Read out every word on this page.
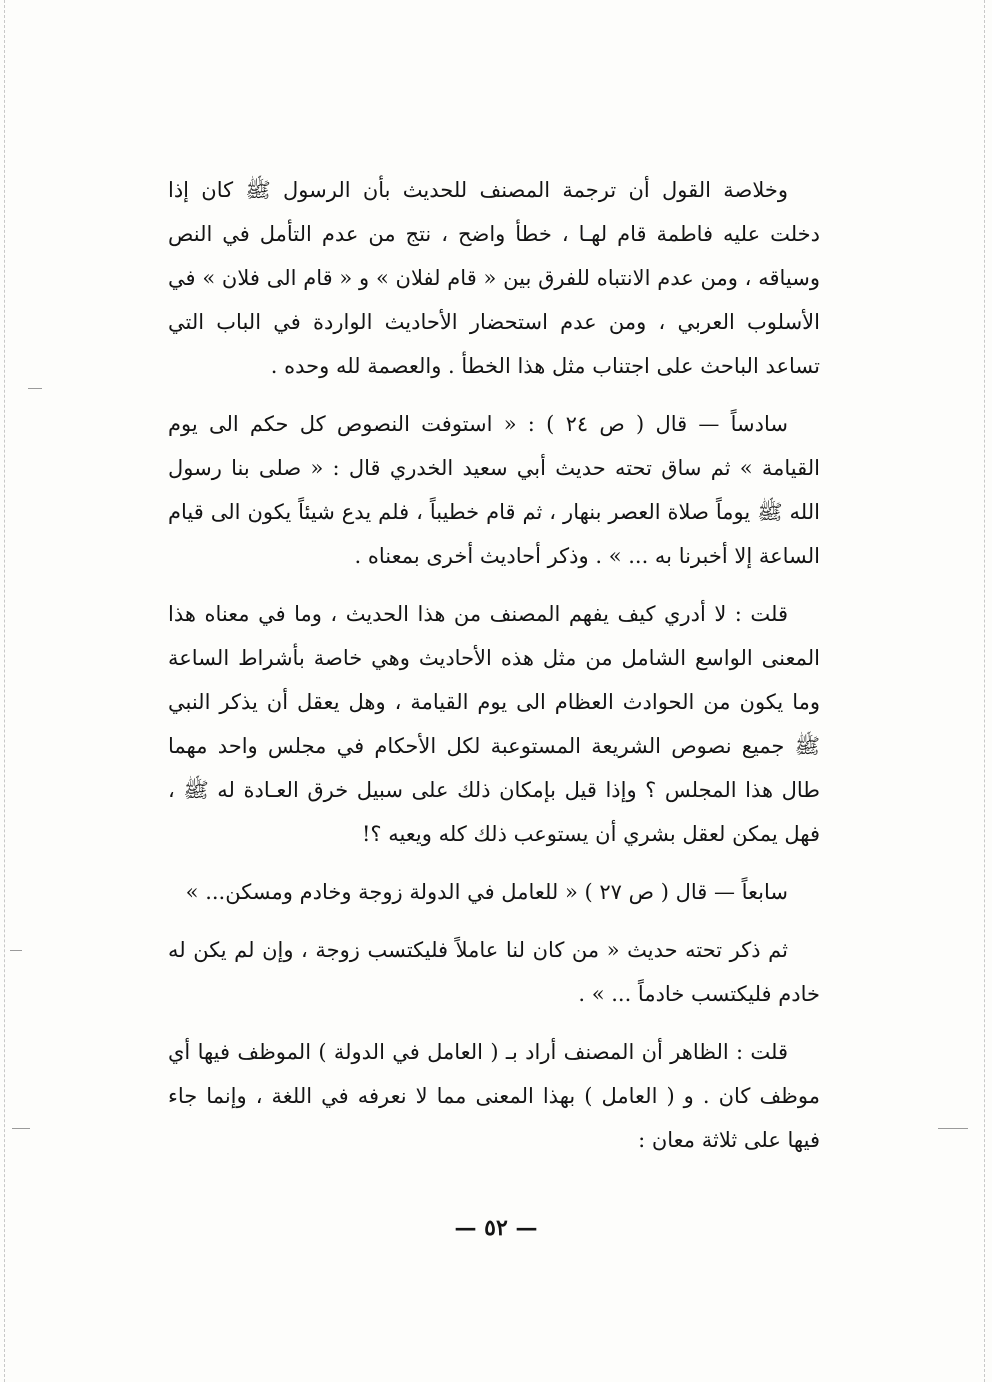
وخلاصة القول أن ترجمة المصنف للحديث بأن الرسول ﷺ كان إذا دخلت عليه فاطمة قام لهـا ، خطأ واضح ، نتج من عدم التأمل في النص وسياقه ، ومن عدم الانتباه للفرق بين « قام لفلان » و « قام الى فلان » في الأسلوب العربي ، ومن عدم استحضار الأحاديث الواردة في الباب التي تساعد الباحث على اجتناب مثل هذا الخطأ . والعصمة لله وحده .

سادساً — قال ( ص ٢٤ ) : « استوفت النصوص كل حكم الى يوم القيامة » ثم ساق تحته حديث أبي سعيد الخدري قال : « صلى بنا رسول الله ﷺ يوماً صلاة العصر بنهار ، ثم قام خطيباً ، فلم يدع شيئاً يكون الى قيام الساعة إلا أخبرنا به ... » . وذكر أحاديث أخرى بمعناه .

قلت : لا أدري كيف يفهم المصنف من هذا الحديث ، وما في معناه هذا المعنى الواسع الشامل من مثل هذه الأحاديث وهي خاصة بأشراط الساعة وما يكون من الحوادث العظام الى يوم القيامة ، وهل يعقل أن يذكر النبي ﷺ جميع نصوص الشريعة المستوعبة لكل الأحكام في مجلس واحد مهما طال هذا المجلس ؟ وإذا قيل بإمكان ذلك على سبيل خرق العـادة له ﷺ ، فهل يمكن لعقل بشري أن يستوعب ذلك كله ويعيه ؟!

سابعاً — قال ( ص ٢٧ ) « للعامل في الدولة زوجة وخادم ومسكن... »

ثم ذكر تحته حديث « من كان لنا عاملاً فليكتسب زوجة ، وإن لم يكن له خادم فليكتسب خادماً ... » .

قلت : الظاهر أن المصنف أراد بـ ( العامل في الدولة ) الموظف فيها أي موظف كان . و ( العامل ) بهذا المعنى مما لا نعرفه في اللغة ، وإنما جاء فيها على ثلاثة معان :

— ٥٢ —
